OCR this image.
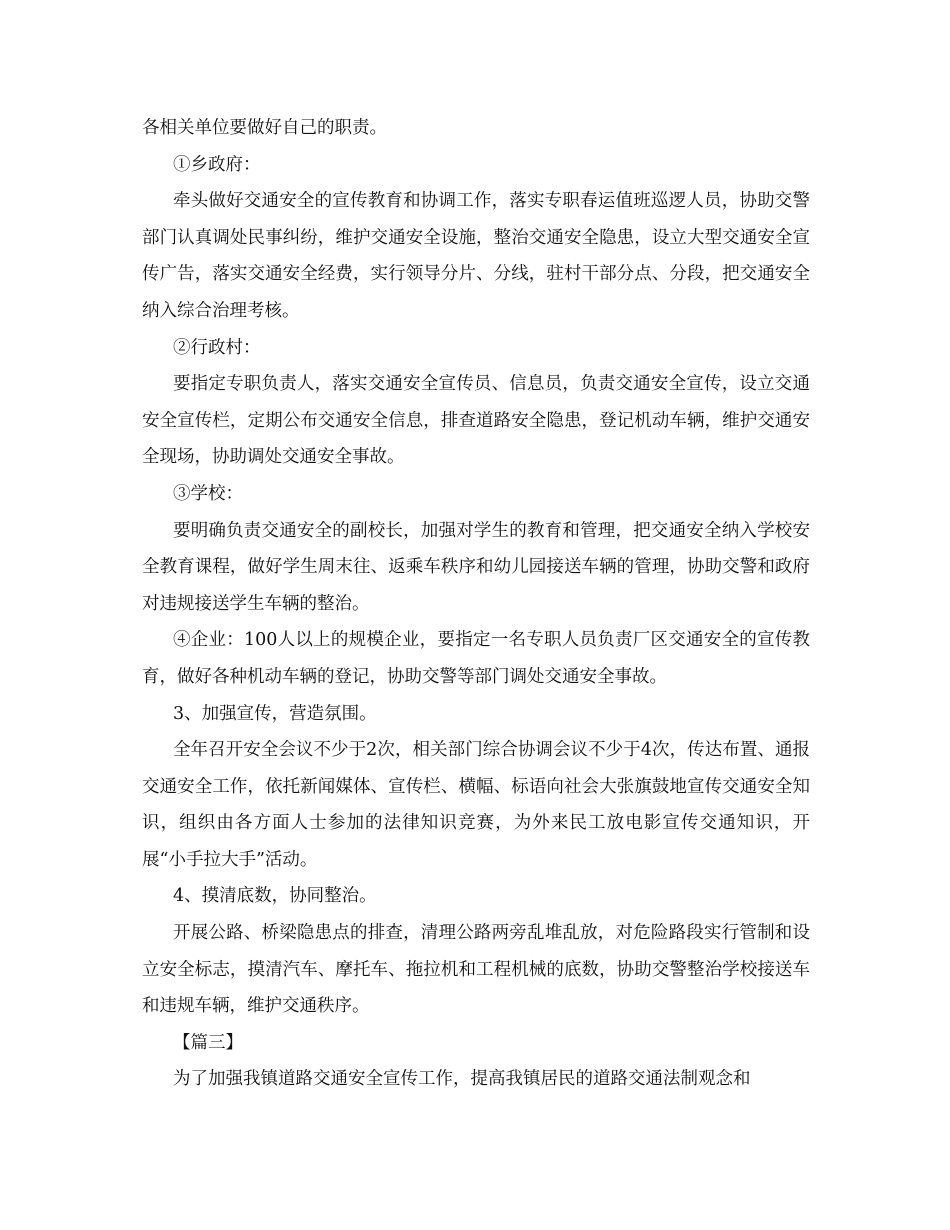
各相关单位要做好自己的职责。

①乡政府：

牵头做好交通安全的宣传教育和协调工作，落实专职春运值班巡逻人员，协助交警部门认真调处民事纠纷，维护交通安全设施，整治交通安全隐患，设立大型交通安全宣传广告，落实交通安全经费，实行领导分片、分线，驻村干部分点、分段，把交通安全纳入综合治理考核。

②行政村：

要指定专职负责人，落实交通安全宣传员、信息员，负责交通安全宣传，设立交通安全宣传栏，定期公布交通安全信息，排查道路安全隐患，登记机动车辆，维护交通安全现场，协助调处交通安全事故。

③学校：

要明确负责交通安全的副校长，加强对学生的教育和管理，把交通安全纳入学校安全教育课程，做好学生周末往、返乘车秩序和幼儿园接送车辆的管理，协助交警和政府对违规接送学生车辆的整治。

④企业：100人以上的规模企业，要指定一名专职人员负责厂区交通安全的宣传教育，做好各种机动车辆的登记，协助交警等部门调处交通安全事故。

3、加强宣传，营造氛围。

全年召开安全会议不少于2次，相关部门综合协调会议不少于4次，传达布置、通报交通安全工作，依托新闻媒体、宣传栏、横幅、标语向社会大张旗鼓地宣传交通安全知识，组织由各方面人士参加的法律知识竞赛，为外来民工放电影宣传交通知识，开展“小手拉大手”活动。

4、摸清底数，协同整治。

开展公路、桥梁隐患点的排查，清理公路两旁乱堆乱放，对危险路段实行管制和设立安全标志，摸清汽车、摩托车、拖拉机和工程机械的底数，协助交警整治学校接送车和违规车辆，维护交通秩序。

【篇三】

为了加强我镇道路交通安全宣传工作，提高我镇居民的道路交通法制观念和
